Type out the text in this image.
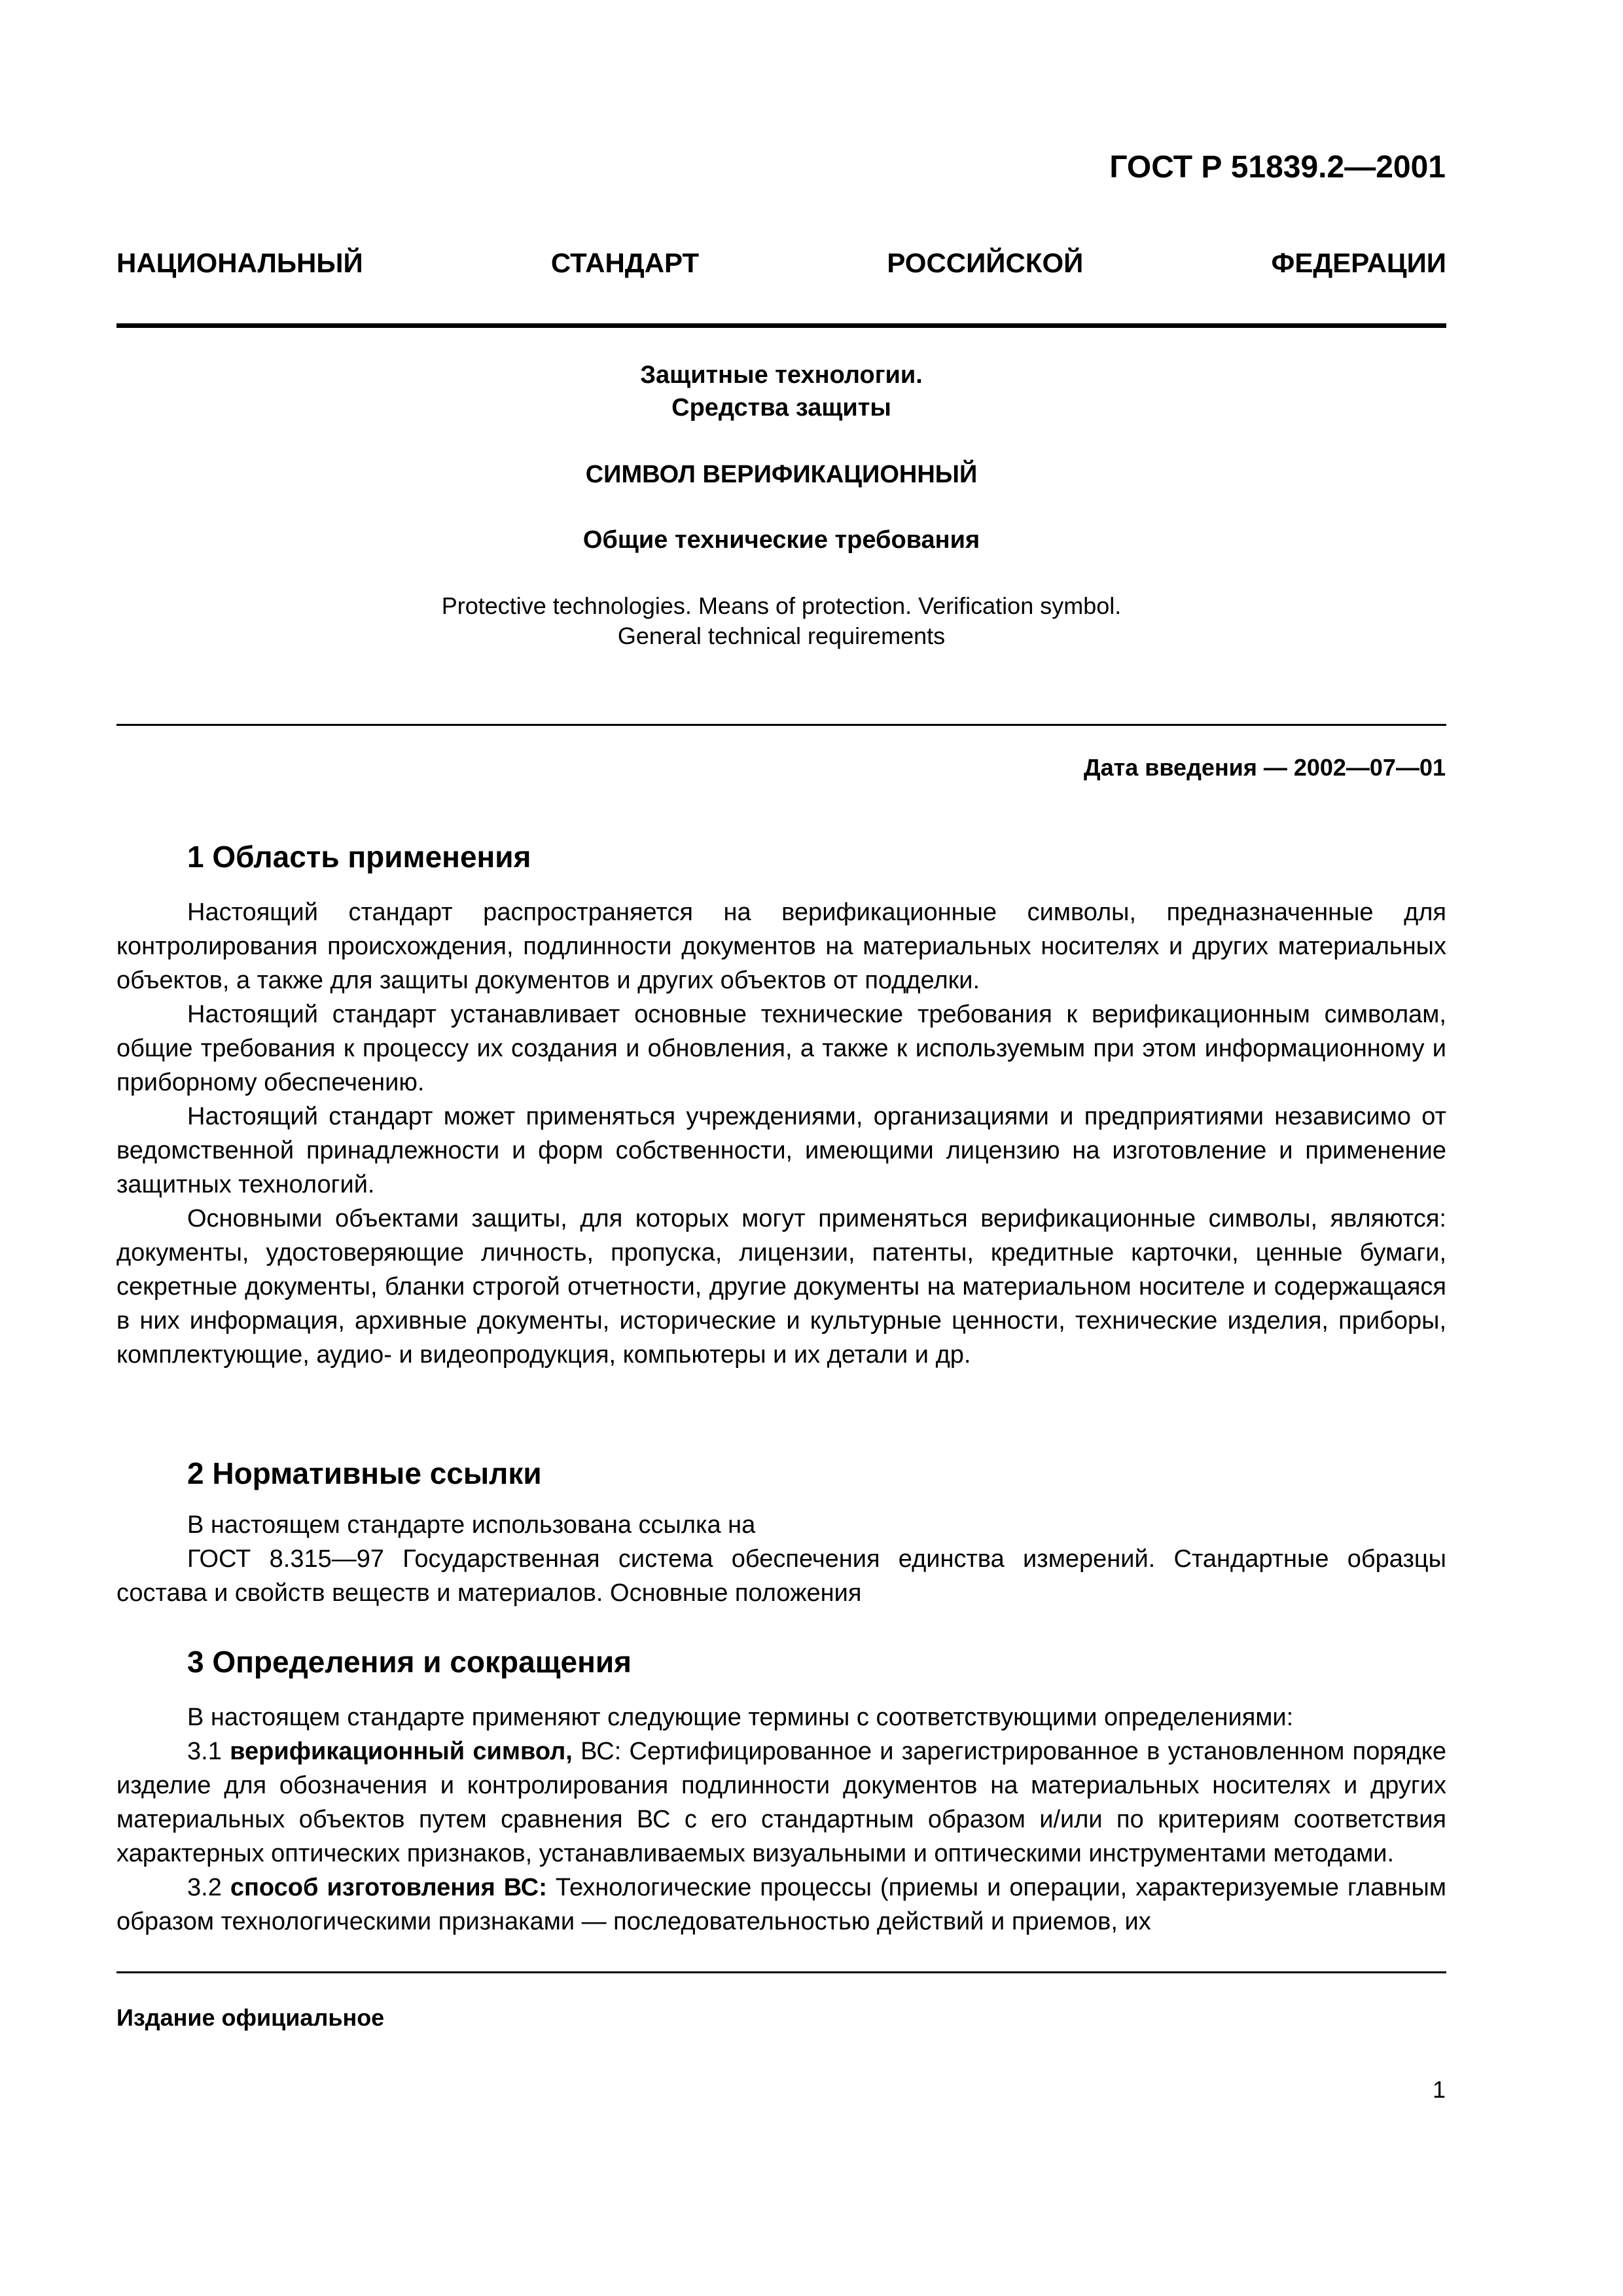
ГОСТ Р 51839.2—2001
НАЦИОНАЛЬНЫЙ СТАНДАРТ РОССИЙСКОЙ ФЕДЕРАЦИИ
Защитные технологии.
Средства защиты
СИМВОЛ ВЕРИФИКАЦИОННЫЙ
Общие технические требования
Protective technologies. Means of protection. Verification symbol.
General technical requirements
Дата введения — 2002—07—01
1 Область применения

Настоящий стандарт распространяется на верификационные символы, предназначенные для контролирования происхождения, подлинности документов на материальных носителях и других материальных объектов, а также для защиты документов и других объектов от подделки.

Настоящий стандарт устанавливает основные технические требования к верификационным символам, общие требования к процессу их создания и обновления, а также к используемым при этом информационному и приборному обеспечению.

Настоящий стандарт может применяться учреждениями, организациями и предприятиями независимо от ведомственной принадлежности и форм собственности, имеющими лицензию на изготовление и применение защитных технологий.

Основными объектами защиты, для которых могут применяться верификационные символы, являются: документы, удостоверяющие личность, пропуска, лицензии, патенты, кредитные карточки, ценные бумаги, секретные документы, бланки строгой отчетности, другие документы на материальном носителе и содержащаяся в них информация, архивные документы, исторические и культурные ценности, технические изделия, приборы, комплектующие, аудио- и видеопродукция, компьютеры и их детали и др.

2 Нормативные ссылки

В настоящем стандарте использована ссылка на

ГОСТ 8.315—97 Государственная система обеспечения единства измерений. Стандартные образцы состава и свойств веществ и материалов. Основные положения

3 Определения и сокращения

В настоящем стандарте применяют следующие термины с соответствующими определениями:

3.1 верификационный символ, ВС: Сертифицированное и зарегистрированное в установленном порядке изделие для обозначения и контролирования подлинности документов на материальных носителях и других материальных объектов путем сравнения ВС с его стандартным образом и/или по критериям соответствия характерных оптических признаков, устанавливаемых визуальными и оптическими инструментами методами.

3.2 способ изготовления ВС: Технологические процессы (приемы и операции, характеризуемые главным образом технологическими признаками — последовательностью действий и приемов, их

Издание официальное
1
